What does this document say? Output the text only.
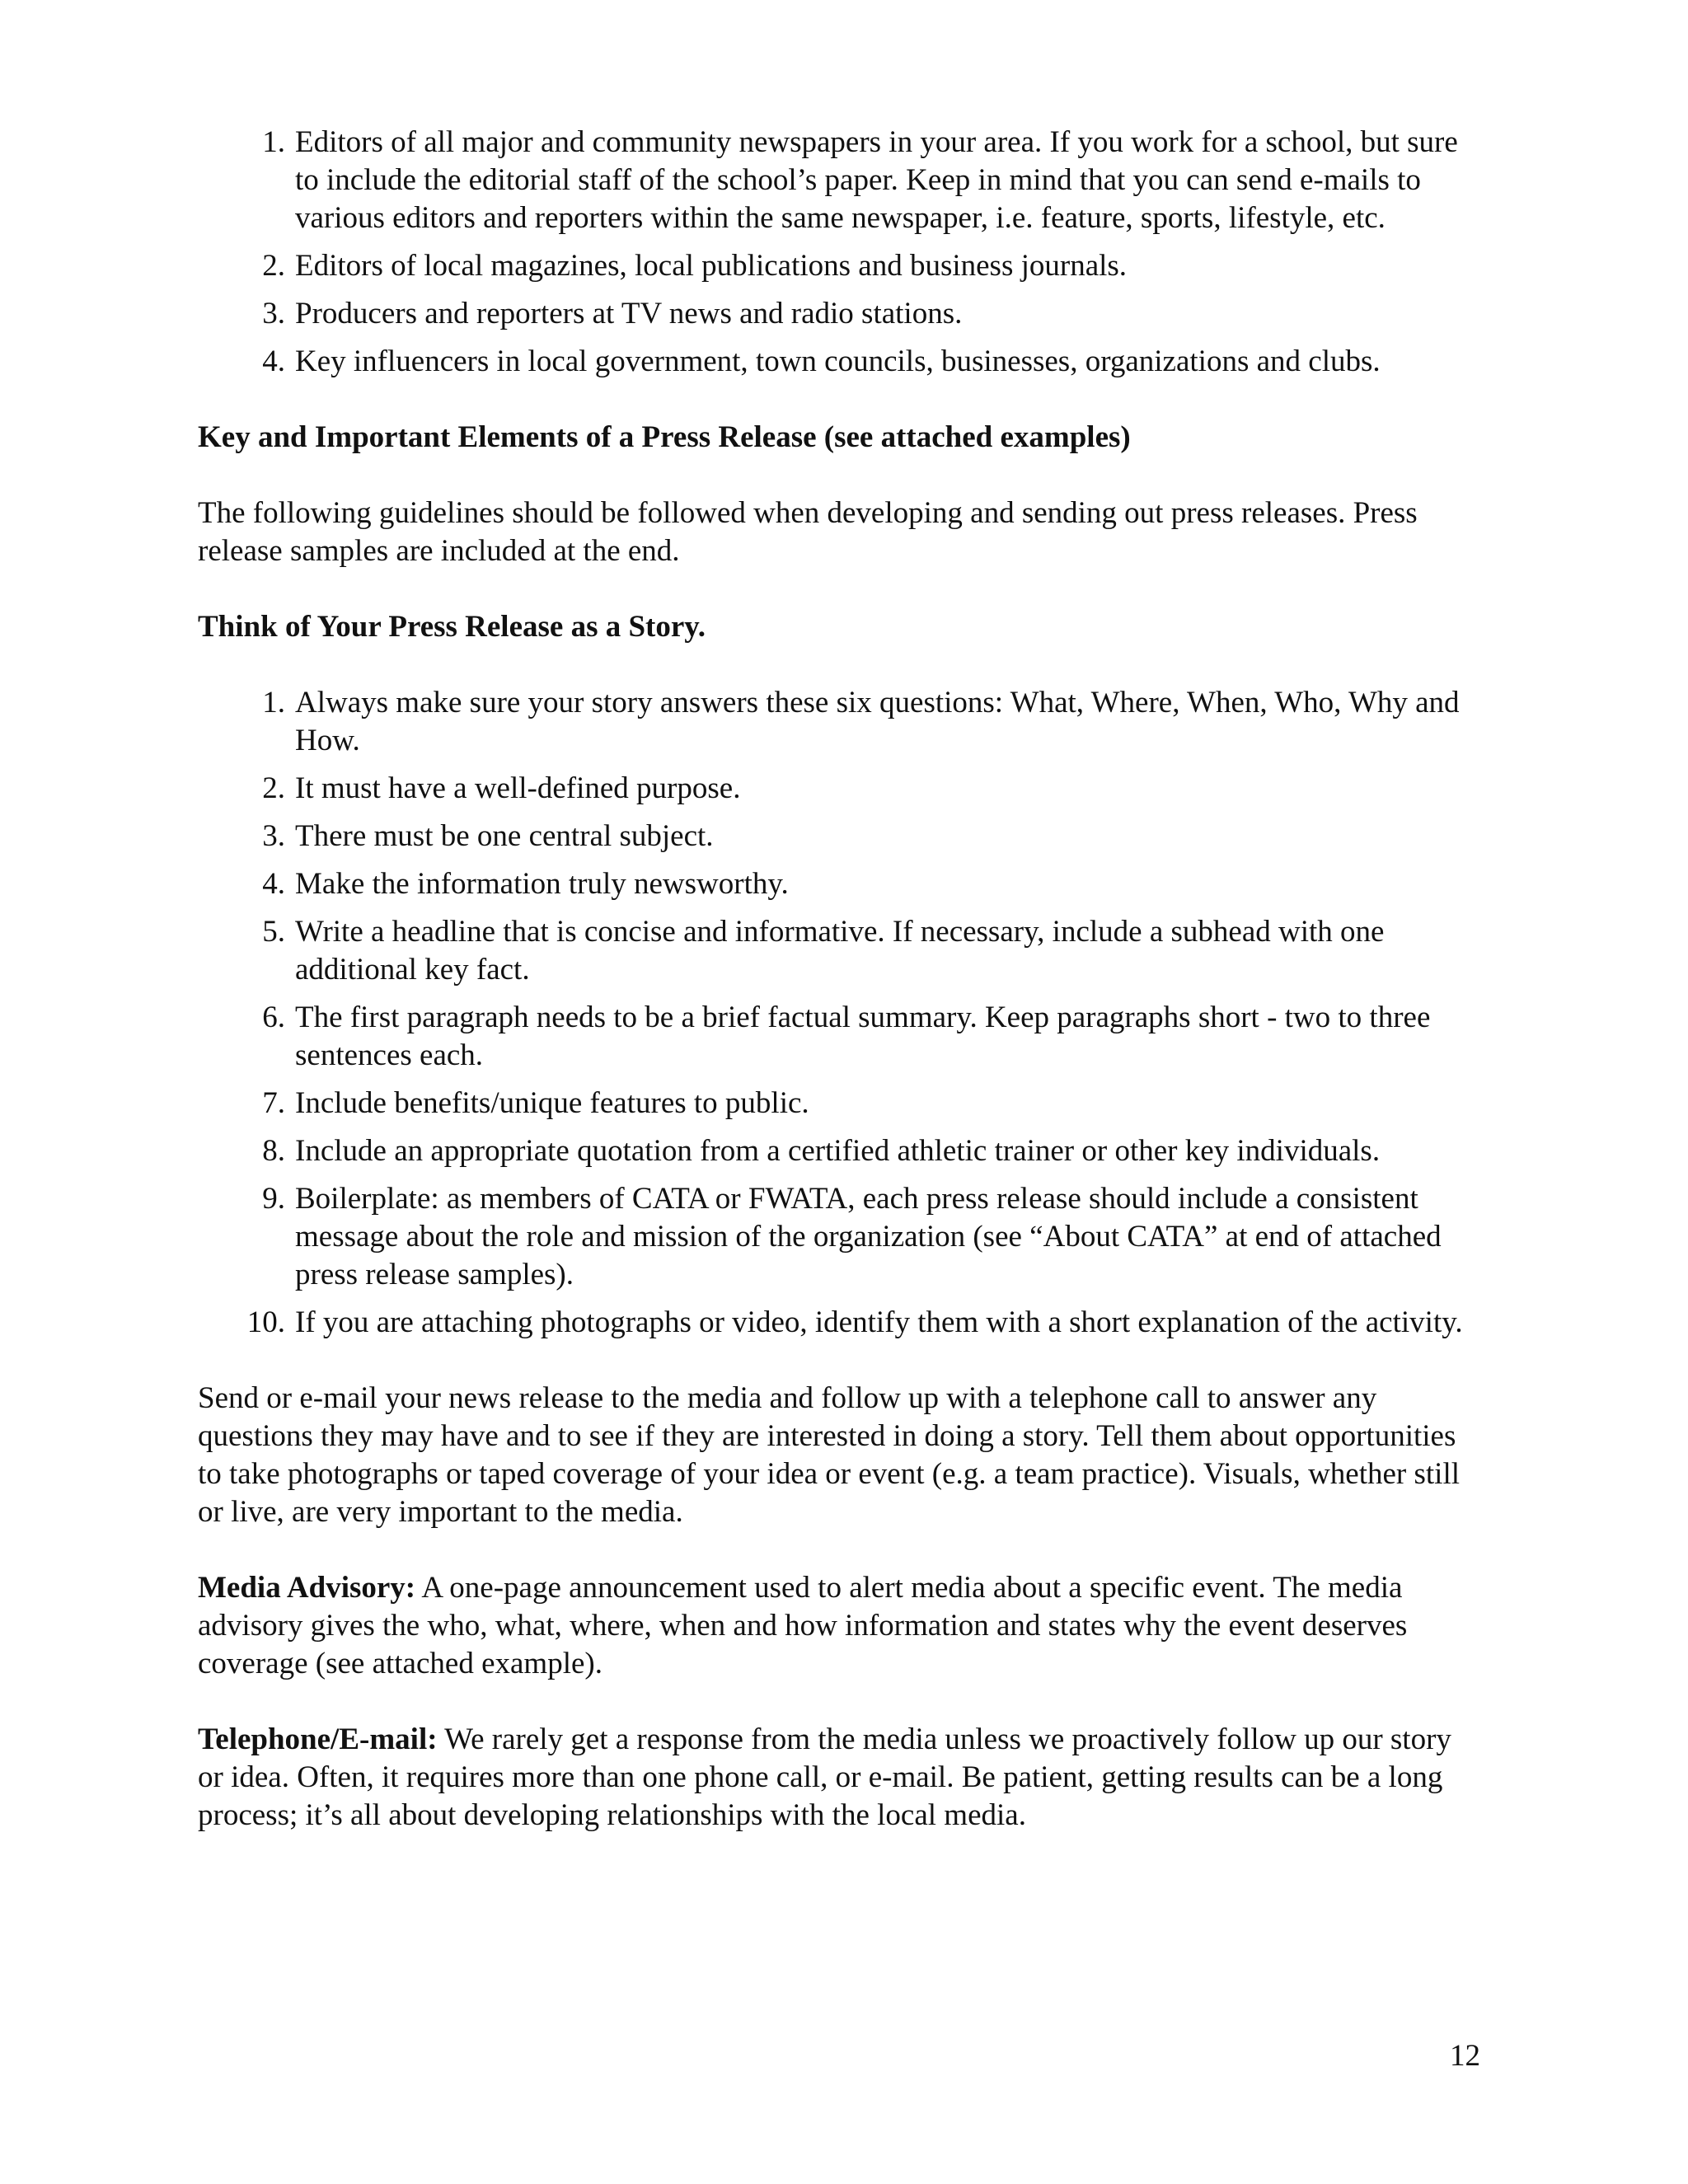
1. Editors of all major and community newspapers in your area. If you work for a school, but sure to include the editorial staff of the school’s paper. Keep in mind that you can send e-mails to various editors and reporters within the same newspaper, i.e. feature, sports, lifestyle, etc.
2. Editors of local magazines, local publications and business journals.
3. Producers and reporters at TV news and radio stations.
4. Key influencers in local government, town councils, businesses, organizations and clubs.

Key and Important Elements of a Press Release (see attached examples)

The following guidelines should be followed when developing and sending out press releases. Press release samples are included at the end.

Think of Your Press Release as a Story.

1. Always make sure your story answers these six questions: What, Where, When, Who, Why and How.
2. It must have a well-defined purpose.
3. There must be one central subject.
4. Make the information truly newsworthy.
5. Write a headline that is concise and informative. If necessary, include a subhead with one additional key fact.
6. The first paragraph needs to be a brief factual summary. Keep paragraphs short - two to three sentences each.
7. Include benefits/unique features to public.
8. Include an appropriate quotation from a certified athletic trainer or other key individuals.
9. Boilerplate: as members of CATA or FWATA, each press release should include a consistent message about the role and mission of the organization (see “About CATA” at end of attached press release samples).
10. If you are attaching photographs or video, identify them with a short explanation of the activity.

Send or e-mail your news release to the media and follow up with a telephone call to answer any questions they may have and to see if they are interested in doing a story. Tell them about opportunities to take photographs or taped coverage of your idea or event (e.g. a team practice). Visuals, whether still or live, are very important to the media.

Media Advisory: A one-page announcement used to alert media about a specific event. The media advisory gives the who, what, where, when and how information and states why the event deserves coverage (see attached example).

Telephone/E-mail: We rarely get a response from the media unless we proactively follow up our story or idea. Often, it requires more than one phone call, or e-mail. Be patient, getting results can be a long process; it’s all about developing relationships with the local media.

12
